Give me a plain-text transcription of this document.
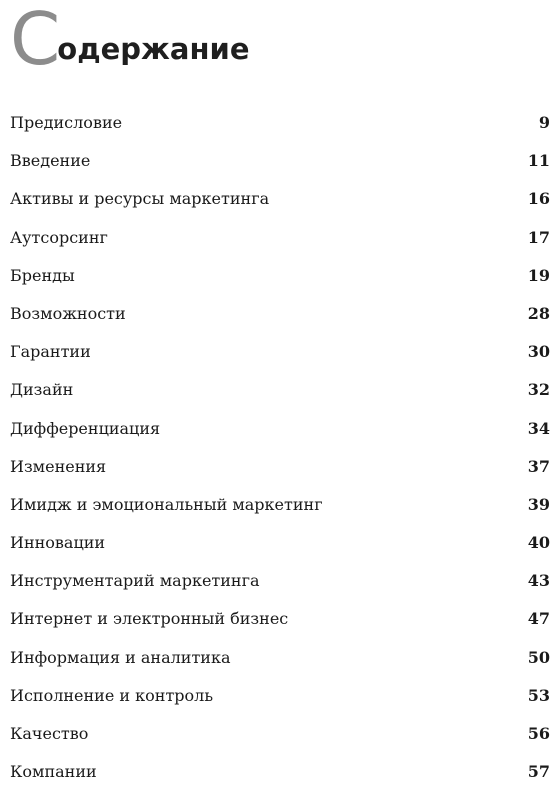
С одержание
Предисловие	9
Введение	11
Активы и ресурсы маркетинга	16
Аутсорсинг	17
Бренды	19
Возможности	28
Гарантии	30
Дизайн	32
Дифференциация	34
Изменения	37
Имидж и эмоциональный маркетинг	39
Инновации	40
Инструментарий маркетинга	43
Интернет и электронный бизнес	47
Информация и аналитика	50
Исполнение и контроль	53
Качество	56
Компании	57
